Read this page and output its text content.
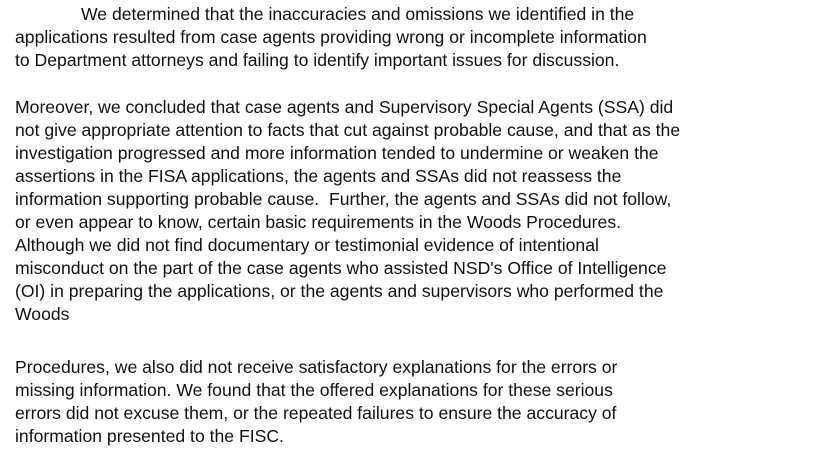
We determined that the inaccuracies and omissions we identified in the
applications resulted from case agents providing wrong or incomplete information
to Department attorneys and failing to identify important issues for discussion.
Moreover, we concluded that case agents and Supervisory Special Agents (SSA) did
not give appropriate attention to facts that cut against probable cause, and that as the
investigation progressed and more information tended to undermine or weaken the
assertions in the FISA applications, the agents and SSAs did not reassess the
information supporting probable cause.  Further, the agents and SSAs did not follow,
or even appear to know, certain basic requirements in the Woods Procedures.
Although we did not find documentary or testimonial evidence of intentional
misconduct on the part of the case agents who assisted NSD's Office of Intelligence
(OI) in preparing the applications, or the agents and supervisors who performed the
Woods
Procedures, we also did not receive satisfactory explanations for the errors or
missing information. We found that the offered explanations for these serious
errors did not excuse them, or the repeated failures to ensure the accuracy of
information presented to the FISC.
